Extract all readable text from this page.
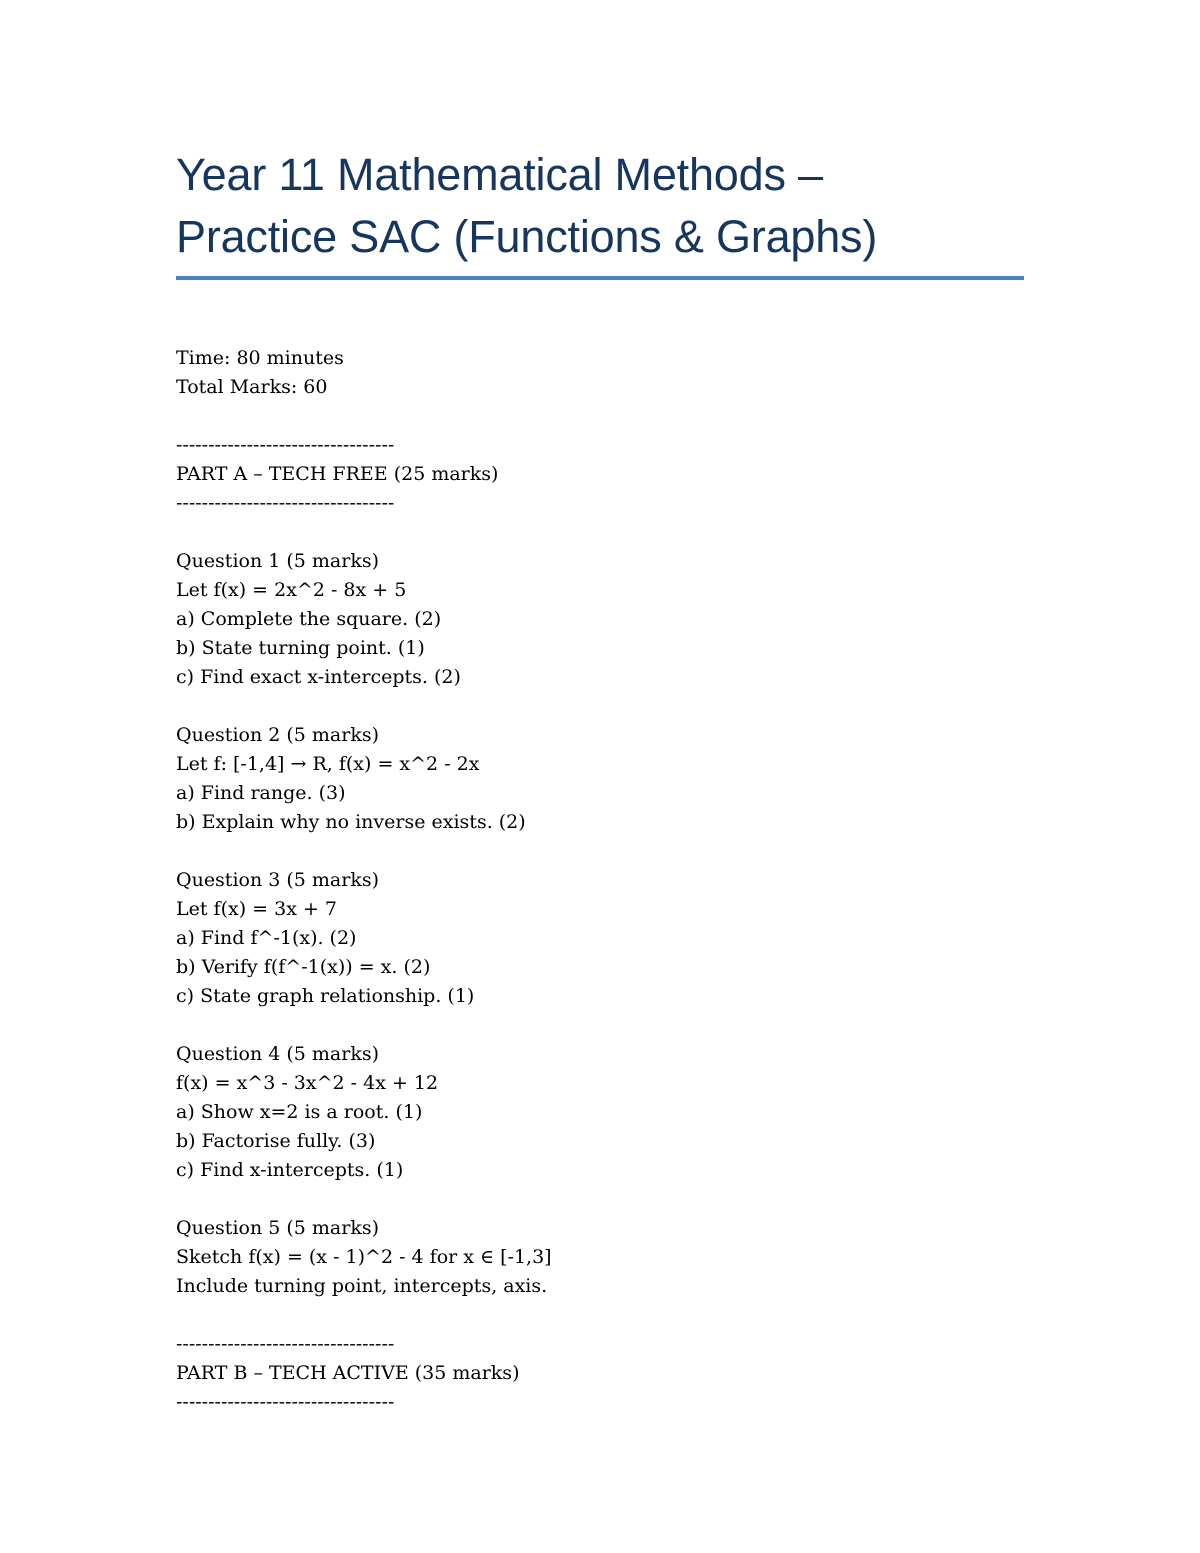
Year 11 Mathematical Methods –
Practice SAC (Functions & Graphs)
Time: 80 minutes
Total Marks: 60
----------------------------------
PART A – TECH FREE (25 marks)
----------------------------------
Question 1 (5 marks)
Let f(x) = 2x^2 - 8x + 5
a) Complete the square. (2)
b) State turning point. (1)
c) Find exact x-intercepts. (2)
Question 2 (5 marks)
Let f: [-1,4] → R, f(x) = x^2 - 2x
a) Find range. (3)
b) Explain why no inverse exists. (2)
Question 3 (5 marks)
Let f(x) = 3x + 7
a) Find f^-1(x). (2)
b) Verify f(f^-1(x)) = x. (2)
c) State graph relationship. (1)
Question 4 (5 marks)
f(x) = x^3 - 3x^2 - 4x + 12
a) Show x=2 is a root. (1)
b) Factorise fully. (3)
c) Find x-intercepts. (1)
Question 5 (5 marks)
Sketch f(x) = (x - 1)^2 - 4 for x ∈ [-1,3]
Include turning point, intercepts, axis.
----------------------------------
PART B – TECH ACTIVE (35 marks)
----------------------------------
